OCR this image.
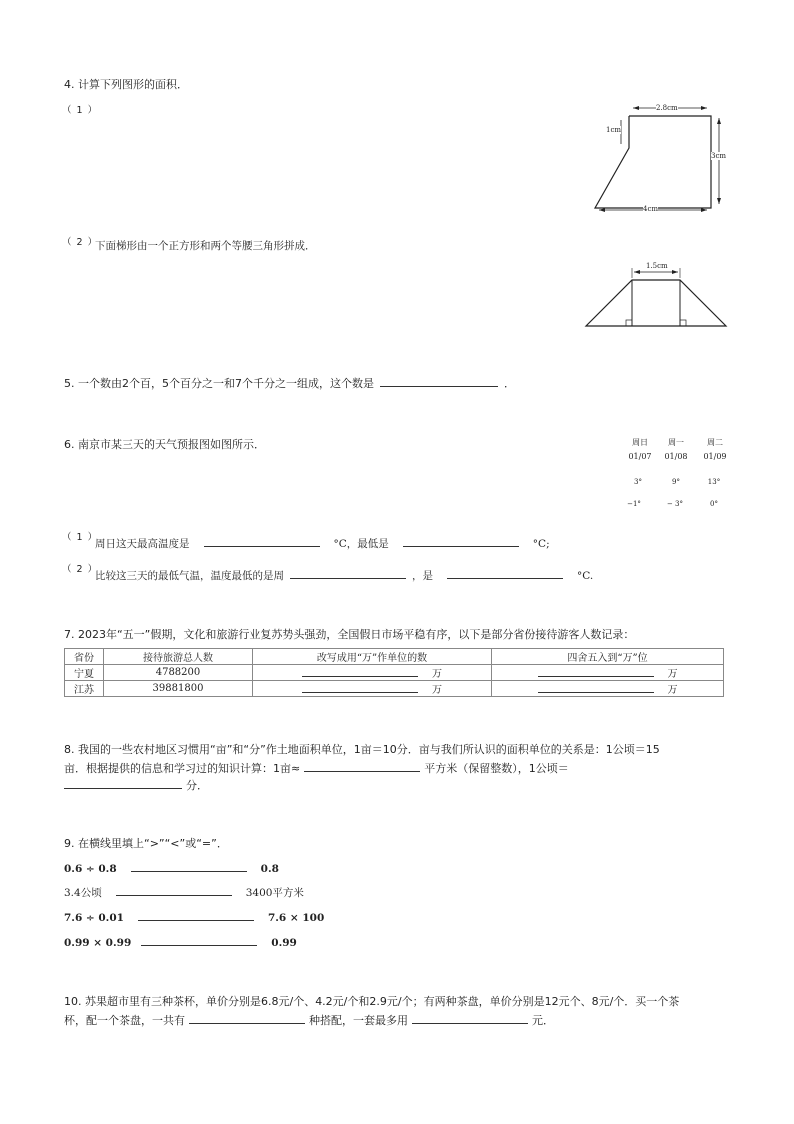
4. 计算下列图形的面积．
（ 1 ）	2.8cm
1cm
3cm
4cm
（ 2 ）
下面梯形由一个正方形和两个等腰三角形拼成．
1.5cm
5. 一个数由2个百，5个百分之一和7个千分之一组成，这个数是	．
6. 南京市某三天的天气预报图如图所示．	周日	周一	周二
01/07	01/08	01/09
3°	9°	13°
−1°	− 3°	0°
（ 1 ）
周日这天最高温度是	°C，最低是	°C;
（ 2 ）
比较这三天的最低气温，温度最低的是周	，是	°C.
7. 2023年“五一”假期，文化和旅游行业复苏势头强劲，全国假日市场平稳有序，以下是部分省份接待游客人数记录：
省份	接待旅游总人数	改写成用“万”作单位的数	四舍五入到“万”位
宁夏	4788200	万	万
江苏	39881800	万	万
8. 我国的一些农村地区习惯用“亩”和“分”作土地面积单位，1亩＝10分．亩与我们所认识的面积单位的关系是：1公顷＝15
亩．根据提供的信息和学习过的知识计算：1亩≈	平方米（保留整数），1公顷＝
分．
9. 在横线里填上“>”“<”或“=”．
0.6 ÷ 0.8	0.8
3.4公顷	3400平方米
7.6 ÷ 0.01	7.6 × 100
0.99 × 0.99	0.99
10. 苏果超市里有三种茶杯，单价分别是6.8元/个、4.2元/个和2.9元/个；有两种茶盘，单价分别是12元个、8元/个．买一个茶
杯，配一个茶盘，一共有	种搭配，一套最多用	元．
